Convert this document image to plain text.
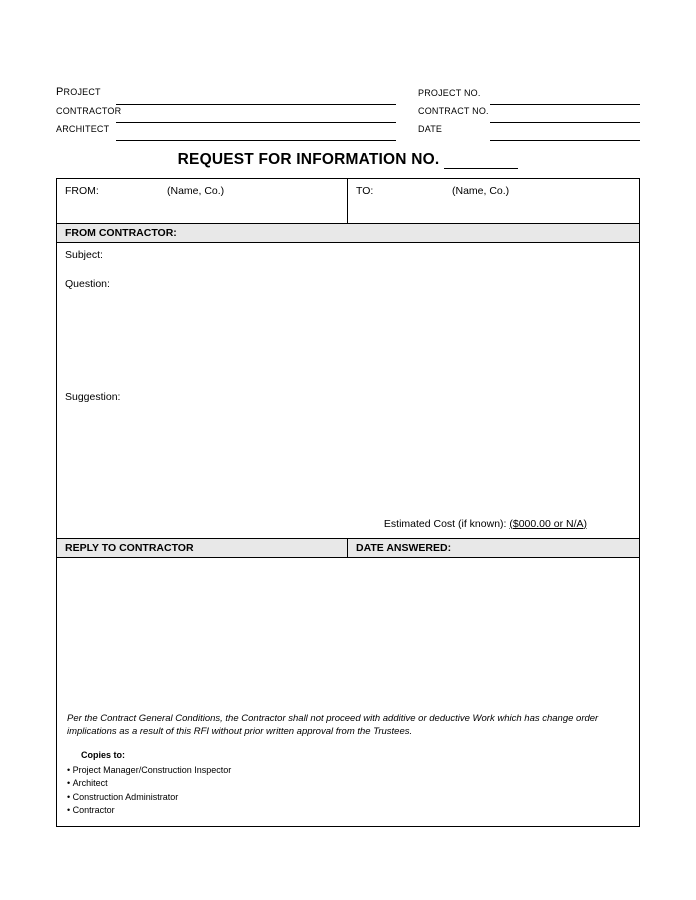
PROJECT			PROJECT NO.	
CONTRACTOR			CONTRACT NO.	
ARCHITECT			DATE	
REQUEST FOR INFORMATION NO.
FROM:	(Name, Co.)	TO:	(Name, Co.)
FROM CONTRACTOR:
Subject:
Question:
Suggestion:
Estimated Cost (if known): ($000.00 or N/A)
REPLY TO CONTRACTOR	DATE ANSWERED:
Per the Contract General Conditions, the Contractor shall not proceed with additive or deductive Work which has change order implications as a result of this RFI without prior written approval from the Trustees.
Copies to:
• Project Manager/Construction Inspector
• Architect
• Construction Administrator
• Contractor
